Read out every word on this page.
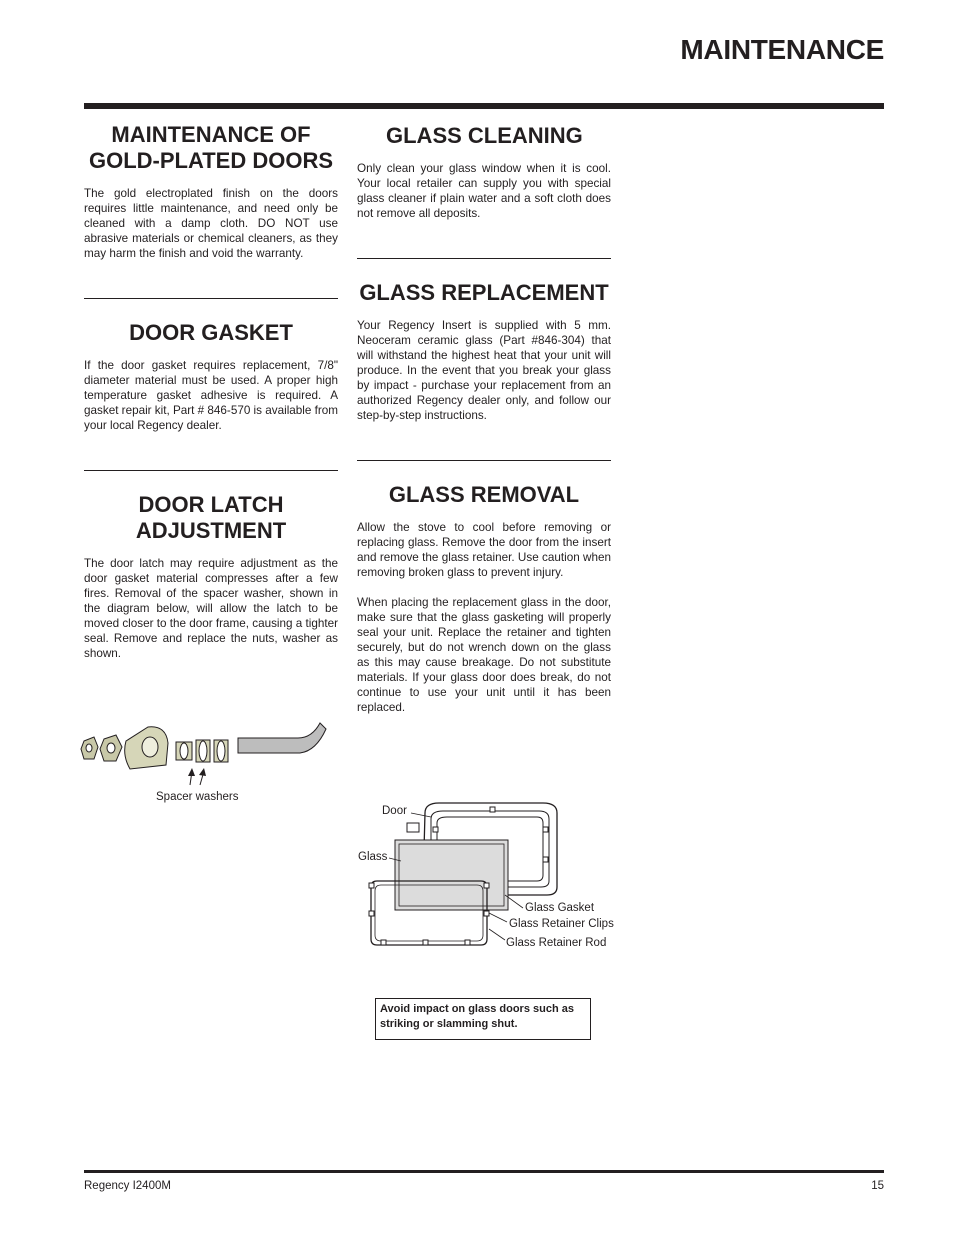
MAINTENANCE
MAINTENANCE OF
GOLD-PLATED DOORS
The gold electroplated finish on the doors requires little maintenance, and need only be cleaned with a damp cloth. DO NOT use abrasive materials or chemical cleaners, as they may harm the finish and void the warranty.
DOOR GASKET
If the door gasket requires replacement, 7/8" diameter material must be used. A proper high temperature gasket adhesive is required. A gasket repair kit, Part # 846-570 is available from your local Regency dealer.
DOOR LATCH
ADJUSTMENT
The door latch may require adjustment as the door gasket material compresses after a few fires. Removal of the spacer washer, shown in the diagram below, will allow the latch to be moved closer to the door frame, causing a tighter seal. Remove and replace the nuts, washer as shown.
Spacer washers
GLASS CLEANING
Only clean your glass window when it is cool. Your local retailer can supply you with special glass cleaner if plain water and a soft cloth does not remove all deposits.
GLASS REPLACEMENT
Your Regency Insert is supplied with 5 mm. Neoceram ceramic glass (Part #846-304) that will withstand the highest heat that your unit will produce. In the event that you break your glass by impact - purchase your replacement from an authorized Regency dealer only, and follow our step-by-step instructions.
GLASS REMOVAL
Allow the stove to cool before removing or replacing glass. Remove the door from the insert and remove the glass retainer. Use caution when removing broken glass to prevent injury.
When placing the replacement glass in the door, make sure that the glass gasketing will properly seal your unit. Replace the retainer and tighten securely, but do not wrench down on the glass as this may cause breakage. Do not substitute materials. If your glass door does break, do not continue to use your unit until it has been replaced.
Door
Glass
Glass Gasket
Glass Retainer Clips
Glass Retainer Rod
Avoid impact on glass doors such as striking or slamming shut.
Regency I2400M	15
